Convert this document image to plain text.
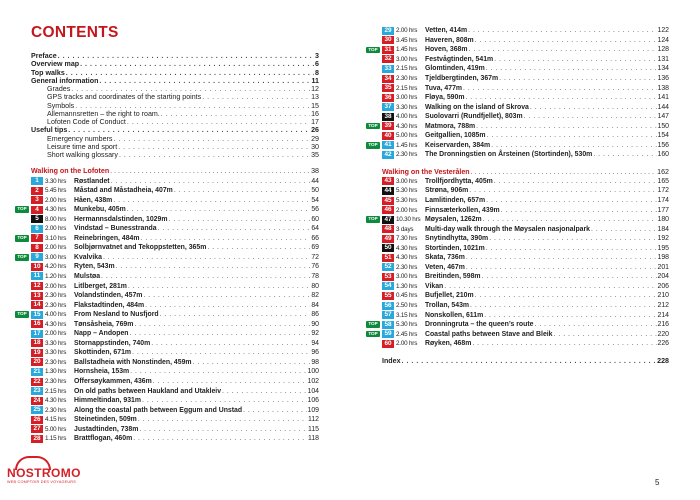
CONTENTS
Preface . . .	3
Overview map . . .	6
Top walks . . .	8
General information . . .	11
Grades . . .	12
GPS tracks and coordinates of the starting points . . .	13
Symbols . . .	15
Allemannsretten – the right to roam. . . .	16
Lofoten Code of Conduct . . .	17
Useful tips . . .	26
Emergency numbers . . .	29
Leisure time and sport . . .	30
Short walking glossary . . .	35
Walking on the Lofoten . . .	38
1 3.30 hrs	Røstlandet . . .	44
2 5.45 hrs	Måstad and Måstadheia, 407m . . .	50
3 2.00 hrs	Håen, 438m . . .	54
TOP	4 4.30 hrs	Munkebu, 405m . . .	56
5 8.00 hrs	Hermannsdalstinden, 1029m . . .	60
6 2.00 hrs	Vindstad – Bunesstranda . . .	64
TOP	7 3.10 hrs	Reinebringen, 484m . . .	66
8 2.00 hrs	Solbjørnvatnet and Tekoppstetten, 365m . . .	69
TOP	9 3.00 hrs	Kvalvika . . .	72
10 4.20 hrs	Ryten, 543m . . .	76
11 1.20 hrs	Mulstøa . . .	78
12 2.00 hrs	Litlberget, 281m . . .	80
13 2.30 hrs	Volandstinden, 457m . . .	82
14 2.30 hrs	Flakstadtinden, 484m . . .	84
TOP	15 4.00 hrs	From Nesland to Nusfjord . . .	86
16 4.30 hrs	Tønsåsheia, 769m . . .	90
17 2.00 hrs	Napp – Andopen . . .	92
18 3.30 hrs	Stornappstinden, 740m . . .	94
19 3.30 hrs	Skottinden, 671m . . .	96
20 2.30 hrs	Ballstadheia with Nonstinden, 459m . . .	98
21 1.30 hrs	Hornsheia, 153m . . .	100
22 2.30 hrs	Offersøykammen, 436m . . .	102
23 2.15 hrs	On old paths between Haukland and Utakleiv . . .	104
24 4.30 hrs	Himmeltindan, 931m . . .	106
25 2.30 hrs	Along the coastal path between Eggum and Unstad . . .	109
26 4.15 hrs	Steinetinden, 509m . . .	112
27 5.00 hrs	Justadtinden, 738m . . .	115
28 1.15 hrs	Brattflogan, 460m . . .	118
29 2.00 hrs	Vetten, 414m . . .	122
30 3.45 hrs	Haveren, 808m . . .	124
TOP	31 1.45 hrs	Hoven, 368m . . .	128
32 3.00 hrs	Festvågtinden, 541m . . .	131
33 2.15 hrs	Glomtinden, 419m . . .	134
34 2.30 hrs	Tjeldbergtinden, 367m . . .	136
35 2.15 hrs	Tuva, 477m . . .	138
36 3.00 hrs	Fløya, 590m . . .	141
37 3.30 hrs	Walking on the island of Skrova . . .	144
38 4.00 hrs	Suolovarri (Rundfjellet), 803m . . .	147
TOP	39 4.30 hrs	Matmora, 788m . . .	150
40 5.00 hrs	Geitgallien, 1085m . . .	154
TOP	41 1.45 hrs	Keiservarden, 384m . . .	156
42 2.30 hrs	The Dronningstien on Årsteinen (Stortinden), 530m . . .	160
Walking on the Vesterålen . . .	162
43 3.00 hrs	Trollfjordhytta, 405m . . .	165
44 5.30 hrs	Strøna, 906m . . .	172
45 5.30 hrs	Lamlitinden, 657m . . .	174
46 2.00 hrs	Finnsæterkollen, 439m . . .	177
TOP	47 10.30 hrs Møysalen, 1262m . . .	180
48 3 days	Multi-day walk through the Møysalen nasjonalpark . . .	184
49 7.30 hrs	Snytindhytta, 390m . . .	192
50 4.30 hrs	Stortinden, 1021m . . .	195
51 4.30 hrs	Skata, 736m . . .	198
52 2.30 hrs	Veten, 467m . . .	201
53 3.00 hrs	Breitinden, 598m . . .	204
54 1.30 hrs	Vikan . . .	206
55 0.45 hrs	Bufjellet, 210m . . .	210
56 2.50 hrs	Trollan, 543m . . .	212
57 3.15 hrs	Nonskollen, 611m . . .	214
TOP	58 5.30 hrs	Dronningruta – the queen’s route . . .	216
TOP	59 2.45 hrs	Coastal paths between Stave and Bleik . . .	220
60 2.00 hrs	Røyken, 468m . . .	226
Index . . .	228
NOSTROMO
WEB COMPTOIR DES VOYAGEURS	5
